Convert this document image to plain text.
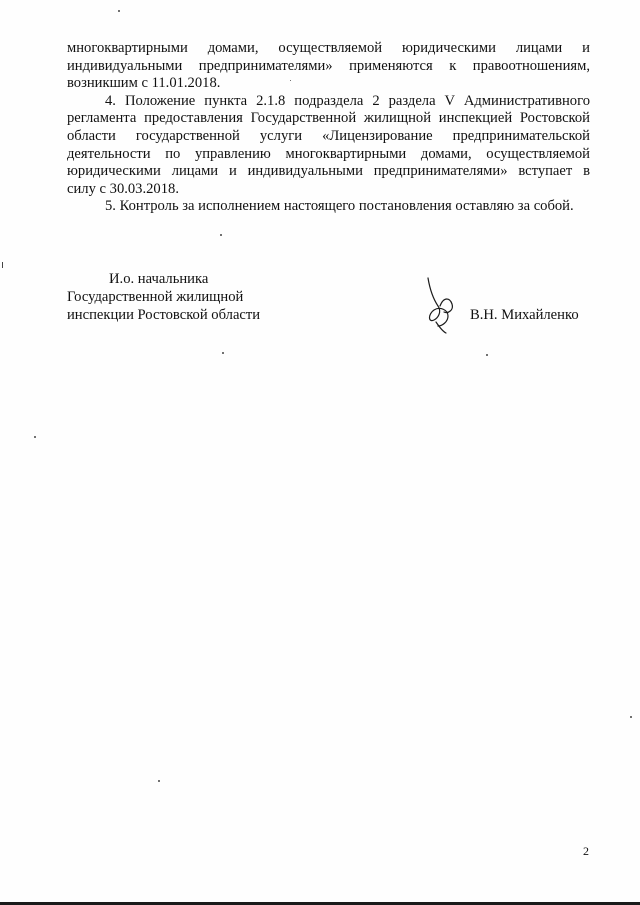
многоквартирными домами, осуществляемой юридическими лицами и

индивидуальными предпринимателями» применяются к правоотношениям,

возникшим с 11.01.2018.

4. Положение пункта 2.1.8 подраздела 2 раздела V Административного

регламента предоставления Государственной жилищной инспекцией Ростовской

области государственной услуги «Лицензирование предпринимательской

деятельности по управлению многоквартирными домами, осуществляемой

юридическими лицами и индивидуальными предпринимателями» вступает в

силу с 30.03.2018.

5. Контроль за исполнением настоящего постановления оставляю за собой.

И.о. начальника
Государственной жилищной
инспекции Ростовской области	В.Н. Михайленко
2
